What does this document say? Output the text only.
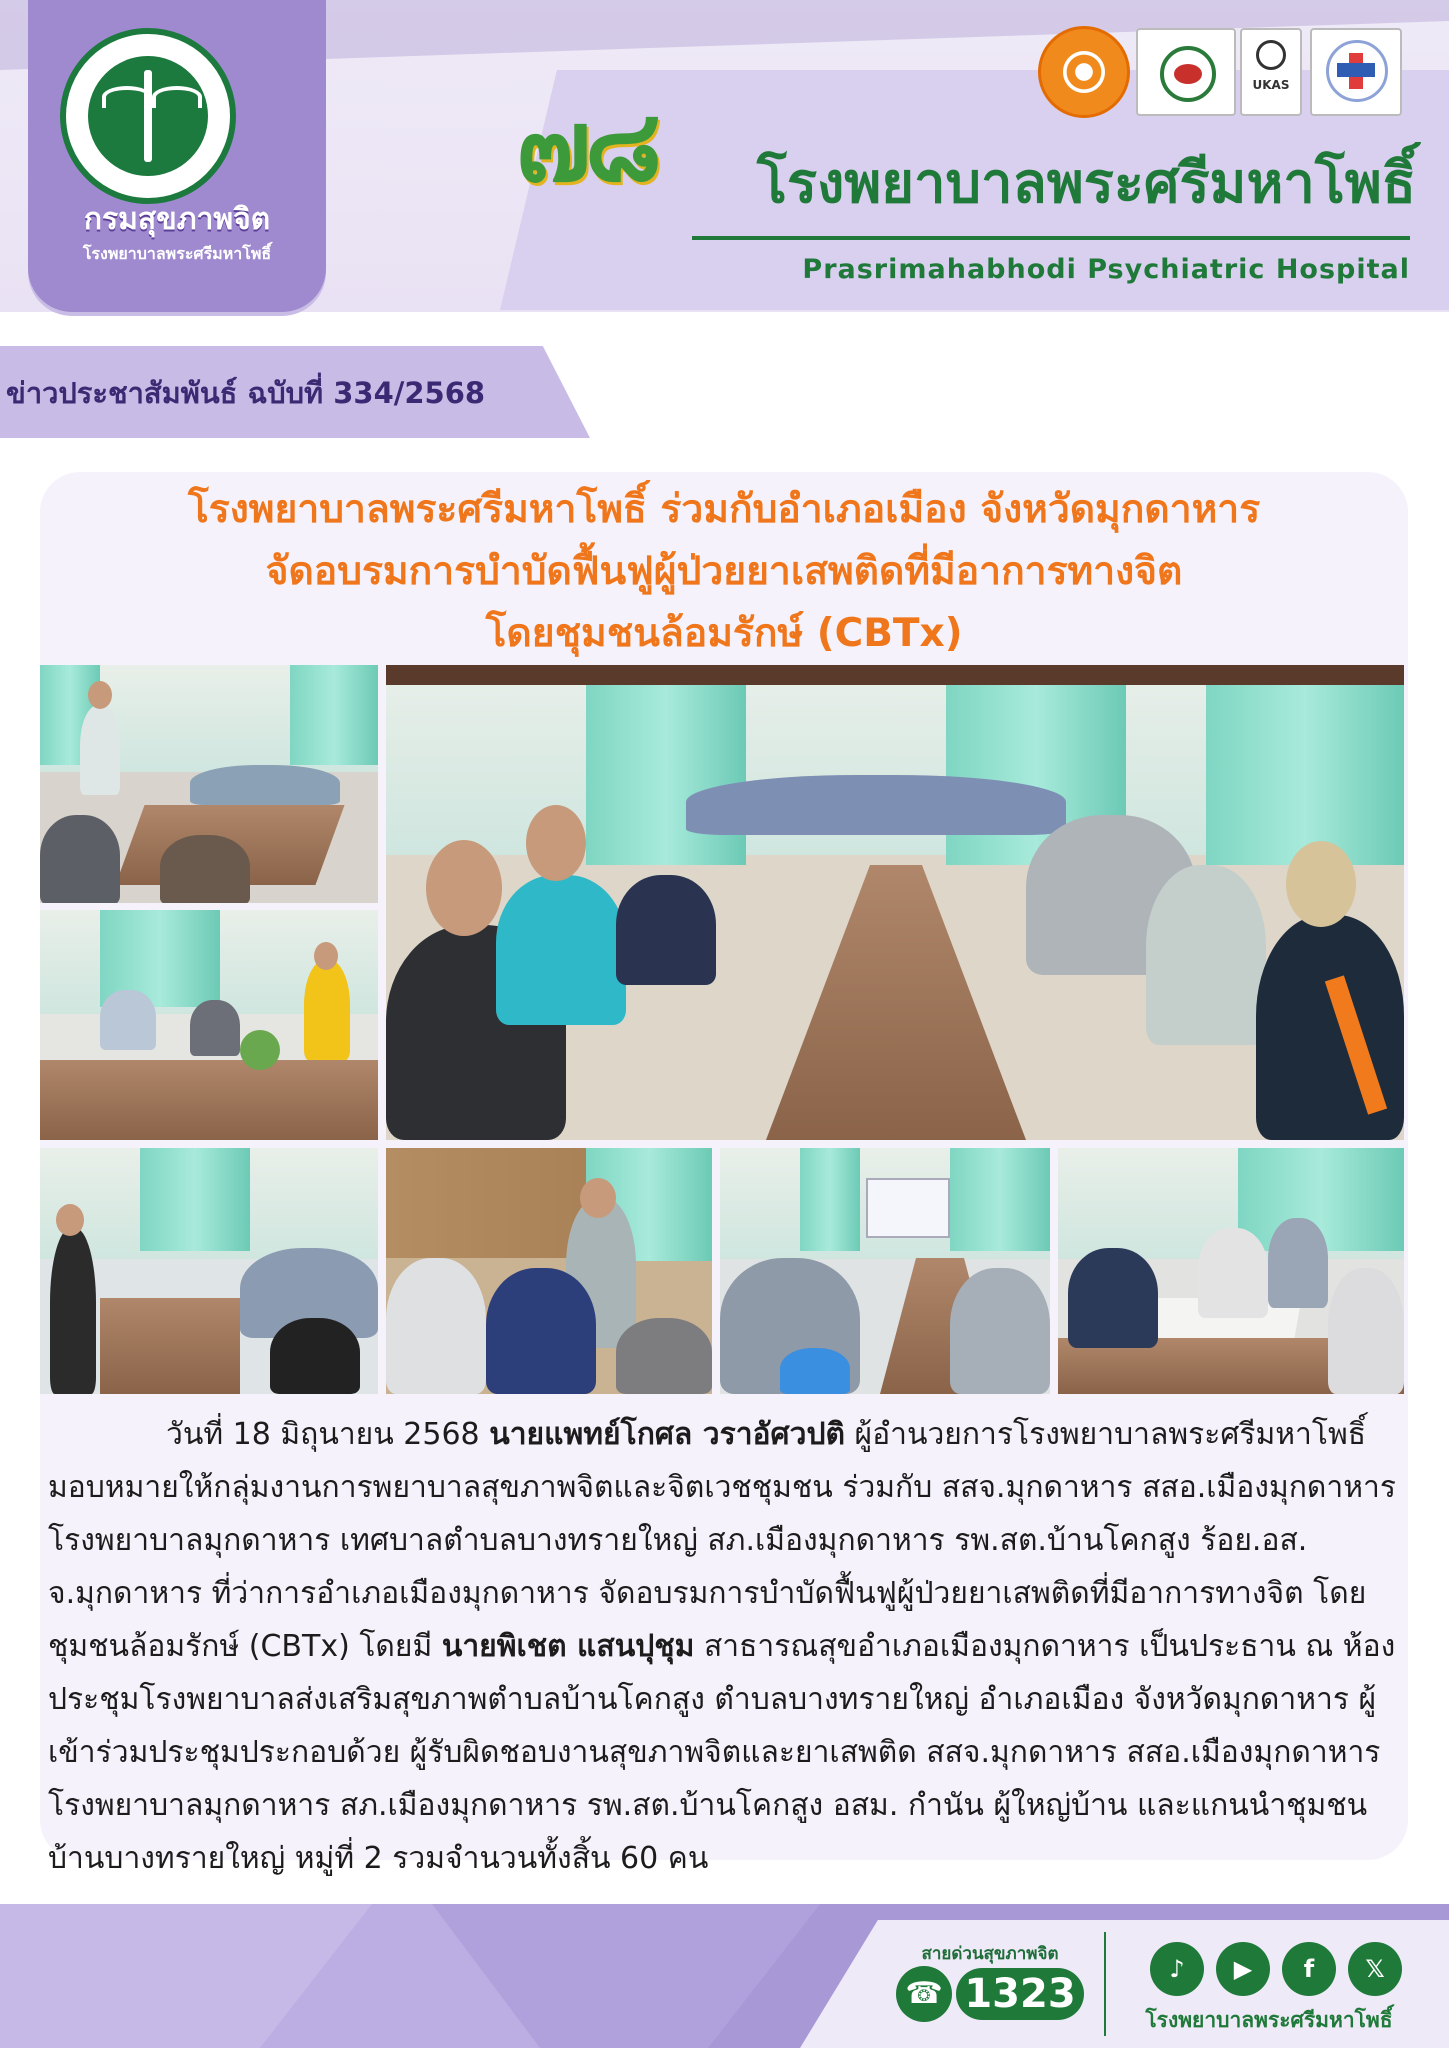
กรมสุขภาพจิต
โรงพยาบาลพระศรีมหาโพธิ์
๗๘	โรงพยาบาลพระศรีมหาโพธิ์
Prasrimahabhodi Psychiatric Hospital
UKAS
ข่าวประชาสัมพันธ์ ฉบับที่ 334/2568
โรงพยาบาลพระศรีมหาโพธิ์ ร่วมกับอำเภอเมือง จังหวัดมุกดาหาร
จัดอบรมการบำบัดฟื้นฟูผู้ป่วยยาเสพติดที่มีอาการทางจิต
โดยชุมชนล้อมรักษ์ (CBTx)

วันที่ 18 มิถุนายน 2568 นายแพทย์โกศล วราอัศวปติ ผู้อำนวยการโรงพยาบาลพระศรีมหาโพธิ์ มอบหมายให้กลุ่มงานการพยาบาลสุขภาพจิตและจิตเวชชุมชน ร่วมกับ สสจ.มุกดาหาร สสอ.เมืองมุกดาหาร โรงพยาบาลมุกดาหาร เทศบาลตำบลบางทรายใหญ่ สภ.เมืองมุกดาหาร รพ.สต.บ้านโคกสูง ร้อย.อส. จ.มุกดาหาร ที่ว่าการอำเภอเมืองมุกดาหาร จัดอบรมการบำบัดฟื้นฟูผู้ป่วยยาเสพติดที่มีอาการทางจิต โดยชุมชนล้อมรักษ์ (CBTx) โดยมี นายพิเชต แสนปุชุม สาธารณสุขอำเภอเมืองมุกดาหาร เป็นประธาน ณ ห้องประชุมโรงพยาบาลส่งเสริมสุขภาพตำบลบ้านโคกสูง ตำบลบางทรายใหญ่ อำเภอเมือง จังหวัดมุกดาหาร ผู้เข้าร่วมประชุมประกอบด้วย ผู้รับผิดชอบงานสุขภาพจิตและยาเสพติด สสจ.มุกดาหาร สสอ.เมืองมุกดาหาร โรงพยาบาลมุกดาหาร สภ.เมืองมุกดาหาร รพ.สต.บ้านโคกสูง อสม. กำนัน ผู้ใหญ่บ้าน และแกนนำชุมชน บ้านบางทรายใหญ่ หมู่ที่ 2 รวมจำนวนทั้งสิ้น 60 คน

สายด่วนสุขภาพจิต
☎ 1323
♪	▶	f	𝕏
โรงพยาบาลพระศรีมหาโพธิ์
